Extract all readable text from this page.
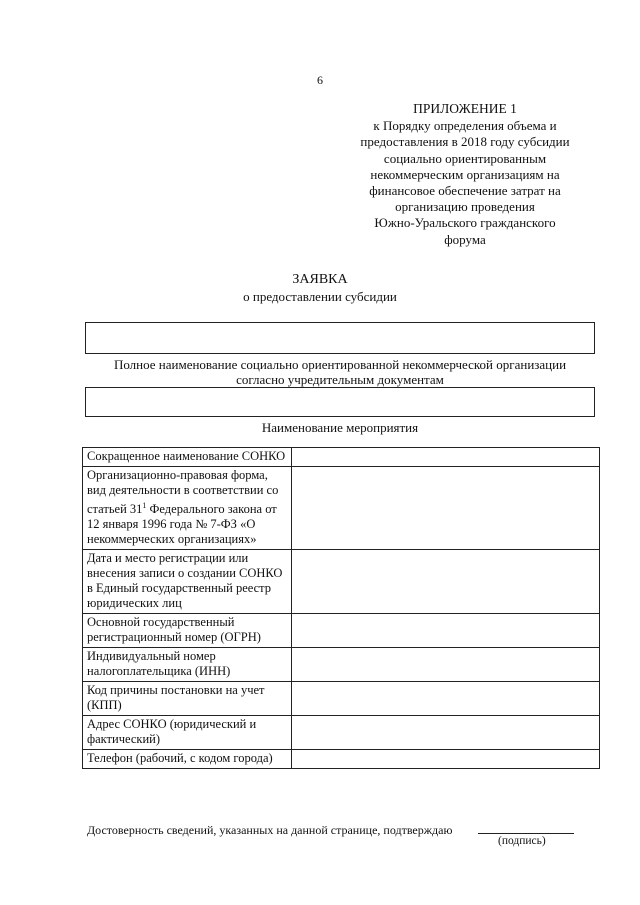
6
ПРИЛОЖЕНИЕ 1
к Порядку определения объема и
предоставления в 2018 году субсидии
социально ориентированным
некоммерческим организациям на
финансовое обеспечение затрат на
организацию проведения
Южно-Уральского гражданского
форума
ЗАЯВКА
о предоставлении субсидии
Полное наименование социально ориентированной некоммерческой организации
согласно учредительным документам
Наименование мероприятия
Сокращенное наименование СОНКО	
Организационно-правовая форма, вид деятельности в соответствии со статьей $31^1$ Федерального закона от 12 января 1996 года № 7-ФЗ «О некоммерческих организациях»	
Дата и место регистрации или внесения записи о создании СОНКО в Единый государственный реестр юридических лиц	
Основной государственный регистрационный номер (ОГРН)	
Индивидуальный номер налогоплательщика (ИНН)	
Код причины постановки на учет (КПП)	
Адрес СОНКО (юридический и фактический)	
Телефон (рабочий, с кодом города)	
Достоверность сведений, указанных на данной странице, подтверждаю
(подпись)
